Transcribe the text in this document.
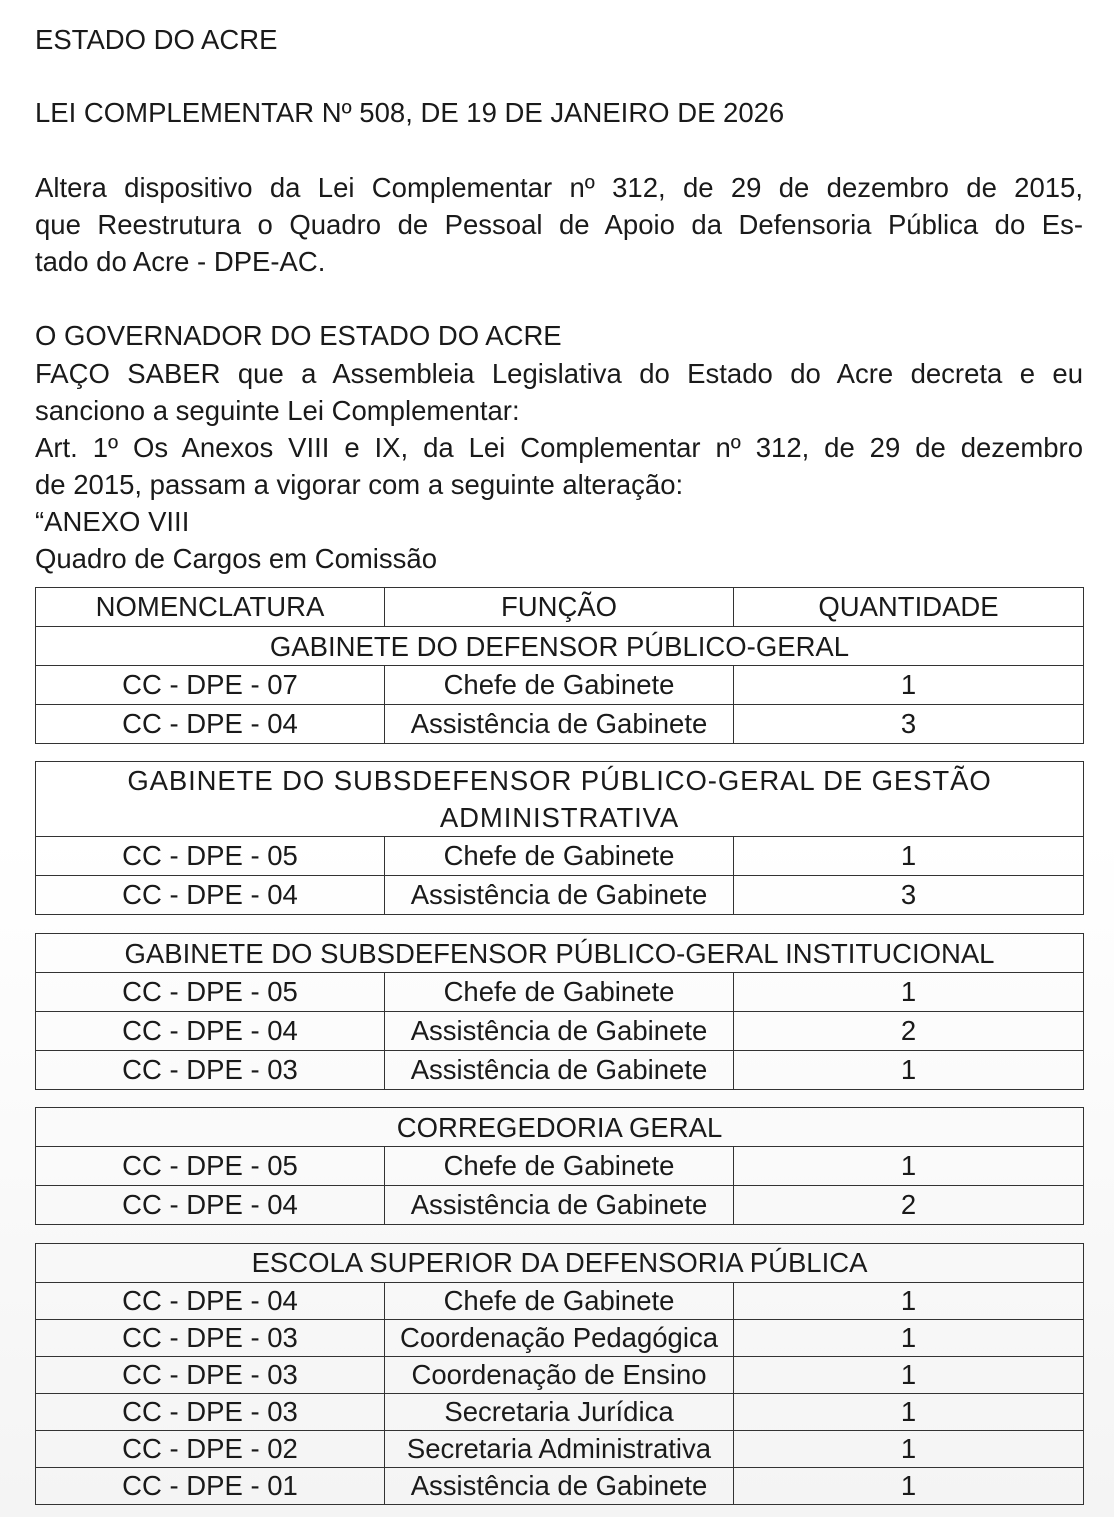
ESTADO DO ACRE
LEI COMPLEMENTAR Nº 508, DE 19 DE JANEIRO DE 2026
Altera dispositivo da Lei Complementar nº 312, de 29 de dezembro de 2015,
que Reestrutura o Quadro de Pessoal de Apoio da Defensoria Pública do Es-
tado do Acre - DPE-AC.
O GOVERNADOR DO ESTADO DO ACRE
FAÇO SABER que a Assembleia Legislativa do Estado do Acre decreta e eu
sanciono a seguinte Lei Complementar:
Art. 1º Os Anexos VIII e IX, da Lei Complementar nº 312, de 29 de dezembro
de 2015, passam a vigorar com a seguinte alteração:
“ANEXO VIII
Quadro de Cargos em Comissão
NOMENCLATURA	FUNÇÃO	QUANTIDADE
GABINETE DO DEFENSOR PÚBLICO-GERAL		
CC - DPE - 07	Chefe de Gabinete	1
CC - DPE - 04	Assistência de Gabinete	3
GABINETE DO SUBSDEFENSOR PÚBLICO-GERAL DE GESTÃO ADMINISTRATIVA		
CC - DPE - 05	Chefe de Gabinete	1
CC - DPE - 04	Assistência de Gabinete	3
GABINETE DO SUBSDEFENSOR PÚBLICO-GERAL INSTITUCIONAL		
CC - DPE - 05	Chefe de Gabinete	1
CC - DPE - 04	Assistência de Gabinete	2
CC - DPE - 03	Assistência de Gabinete	1
CORREGEDORIA GERAL		
CC - DPE - 05	Chefe de Gabinete	1
CC - DPE - 04	Assistência de Gabinete	2
ESCOLA SUPERIOR DA DEFENSORIA PÚBLICA		
CC - DPE - 04	Chefe de Gabinete	1
CC - DPE - 03	Coordenação Pedagógica	1
CC - DPE - 03	Coordenação de Ensino	1
CC - DPE - 03	Secretaria Jurídica	1
CC - DPE - 02	Secretaria Administrativa	1
CC - DPE - 01	Assistência de Gabinete	1
